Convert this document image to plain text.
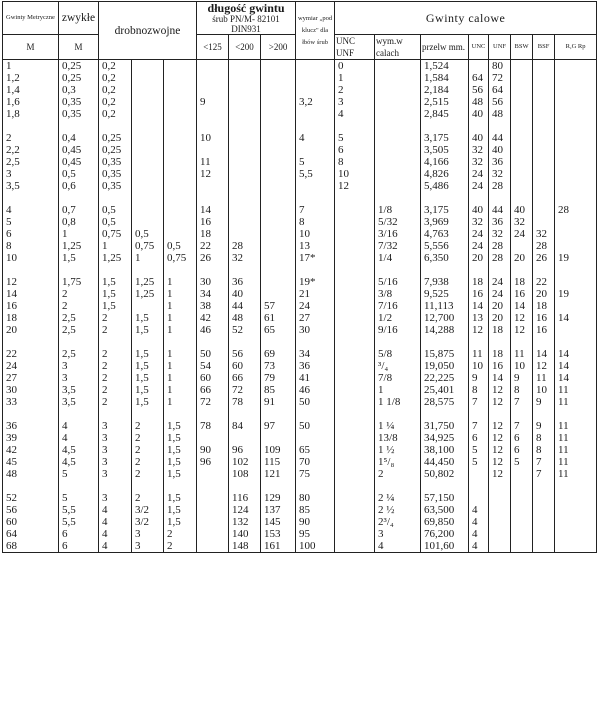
Gwinty Metryczne	zwykłe	drobnozwojne			długość gwintu
śrub PN/M- 82101
DIN931			wymiar „pod klucz" dla łbów śrub	Gwinty calowe							
M	M				<125	<200	>200		UNC UNF	wym.w calach	przelw mm.	UNC	UNF	BSW	BSF	R,G Rp
1	0,25	0,2							0		1,524		80			
1,2	0,25	0,2							1		1,584	64	72			
1,4	0,3	0,2							2		2,184	56	64			
1,6	0,35	0,2			9			3,2	3		2,515	48	56			
1,8	0,35	0,2							4		2,845	40	48			

2	0,4	0,25			10			4	5		3,175	40	44			
2,2	0,45	0,25							6		3,505	32	40			
2,5	0,45	0,35			11			5	8		4,166	32	36			
3	0,5	0,35			12			5,5	10		4,826	24	32			
3,5	0,6	0,35							12		5,486	24	28			

4	0,7	0,5			14			7		1/8	3,175	40	44	40		28
5	0,8	0,5			16			8		5/32	3,969	32	36	32		
6	1	0,75	0,5		18			10		3/16	4,763	24	32	24	32	
8	1,25	1	0,75	0,5	22	28		13		7/32	5,556	24	28		28	
10	1,5	1,25	1	0,75	26	32		17*		1/4	6,350	20	28	20	26	19

12	1,75	1,5	1,25	1	30	36		19*		5/16	7,938	18	24	18	22	
14	2	1,5	1,25	1	34	40		21		3/8	9,525	16	24	16	20	19
16	2	1,5		1	38	44	57	24		7/16	11,113	14	20	14	18	
18	2,5	2	1,5	1	42	48	61	27		1/2	12,700	13	20	12	16	14
20	2,5	2	1,5	1	46	52	65	30		9/16	14,288	12	18	12	16	

22	2,5	2	1,5	1	50	56	69	34		5/8	15,875	11	18	11	14	14
24	3	2	1,5	1	54	60	73	36		³/₄	19,050	10	16	10	12	14
27	3	2	1,5	1	60	66	79	41		7/8	22,225	9	14	9	11	14
30	3,5	2	1,5	1	66	72	85	46		1	25,401	8	12	8	10	11
33	3,5	2	1,5	1	72	78	91	50		1 1/8	28,575	7	12	7	9	11

36	4	3	2	1,5	78	84	97	50		1 ¼	31,750	7	12	7	9	11
39	4	3	2	1,5						13/8	34,925	6	12	6	8	11
42	4,5	3	2	1,5	90	96	109	65		1 ½	38,100	5	12	6	8	11
45	4,5	3	2	1,5	96	102	115	70		1⁵/₈	44,450	5	12	5	7	11
48	5	3	2	1,5		108	121	75		2	50,802		12		7	11

52	5	3	2	1,5		116	129	80		2 ¼	57,150					
56	5,5	4	3/2	1,5		124	137	85		2 ½	63,500	4				
60	5,5	4	3/2	1,5		132	145	90		2³/₄	69,850	4				
64	6	4	3	2		140	153	95		3	76,200	4				
68	6	4	3	2		148	161	100		4	101,60	4				
